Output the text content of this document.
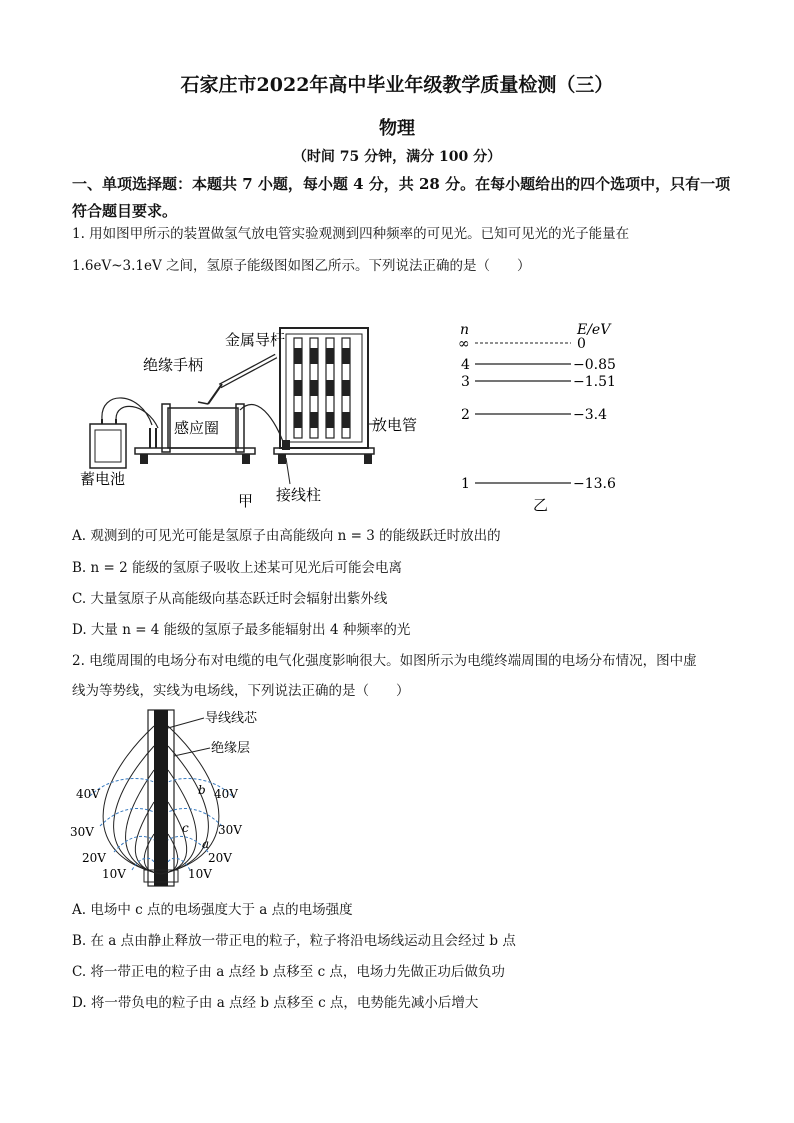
石家庄市2022年高中毕业年级教学质量检测（三）
物理
（时间 75 分钟，满分 100 分）
一、单项选择题：本题共 7 小题，每小题 4 分，共 28 分。在每小题给出的四个选项中，只有一项符合题目要求。
1. 用如图甲所示的装置做氢气放电管实验观测到四种频率的可见光。已知可见光的光子能量在
1.6eV~3.1eV 之间，氢原子能级图如图乙所示。下列说法正确的是（　　）
感应圈
金属导杆
绝缘手柄
放电管
接线柱
蓄电池
甲
n	E/eV
∞	0
4	−0.85
3	−1.51
2	−3.4
1	−13.6
乙
A. 观测到的可见光可能是氢原子由高能级向 n = 3 的能级跃迁时放出的
B. n = 2 能级的氢原子吸收上述某可见光后可能会电离
C. 大量氢原子从高能级向基态跃迁时会辐射出紫外线
D. 大量 n = 4 能级的氢原子最多能辐射出 4 种频率的光
2. 电缆周围的电场分布对电缆的电气化强度影响很大。如图所示为电缆终端周围的电场分布情况，图中虚
线为等势线，实线为电场线，下列说法正确的是（　　）
导线线芯
绝缘层
40V
30V
20V
10V
40V
30V
20V
10V
b
c
a
A. 电场中 c 点的电场强度大于 a 点的电场强度
B. 在 a 点由静止释放一带正电的粒子，粒子将沿电场线运动且会经过 b 点
C. 将一带正电的粒子由 a 点经 b 点移至 c 点，电场力先做正功后做负功
D. 将一带负电的粒子由 a 点经 b 点移至 c 点，电势能先减小后增大
